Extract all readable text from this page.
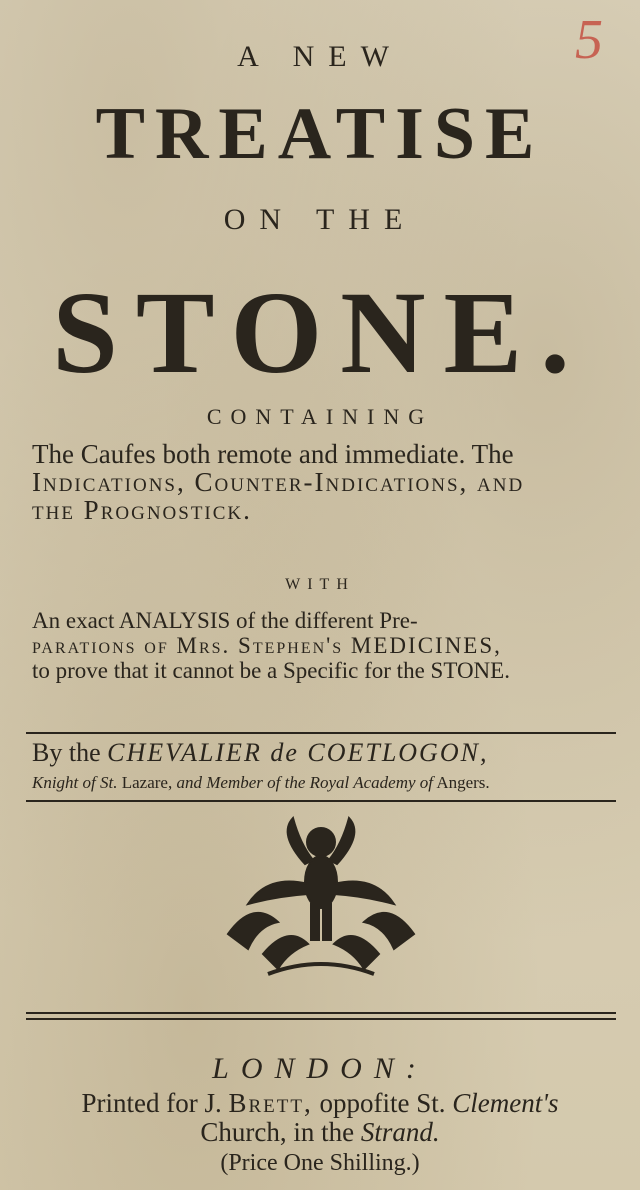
5
A NEW
TREATISE
ON THE
STONE.
CONTAINING
The Caufes both remote and immediate. The
Indications, Counter-Indications, and
the Prognostick.
WITH
An exact ANALYSIS of the different Pre-
parations of Mrs. Stephen's MEDICINES,
to prove that it cannot be a Specific for the STONE.
By the CHEVALIER de COETLOGON,
Knight of St. Lazare, and Member of the Royal Academy of Angers.
LONDON:
Printed for J. Brett, oppofite St. Clement's
Church, in the Strand.
(Price One Shilling.)
